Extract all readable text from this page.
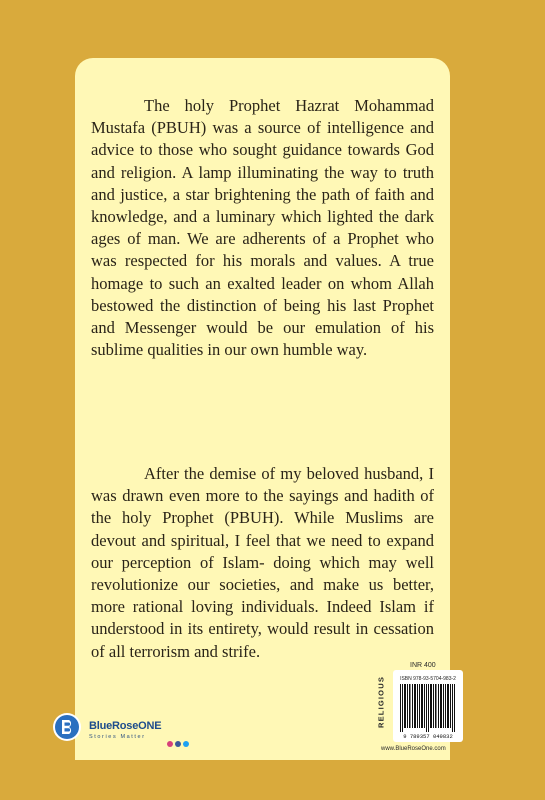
The holy Prophet Hazrat Mohammad Mustafa (PBUH) was a source of intelligence and advice to those who sought guidance towards God and religion. A lamp illuminating the way to truth and justice, a star brightening the path of faith and knowledge, and a luminary which lighted the dark ages of man. We are adherents of a Prophet who was respected for his morals and values. A true homage to such an exalted leader on whom Allah bestowed the distinction of being his last Prophet and Messenger would be our emulation of his sublime qualities in our own humble way.

After the demise of my beloved husband, I was drawn even more to the sayings and hadith of the holy Prophet (PBUH). While Muslims are devout and spiritual, I feel that we need to expand our perception of Islam- doing which may well revolutionize our societies, and make us better, more rational loving individuals. Indeed Islam if understood in its entirety, would result in cessation of all terrorism and strife.

INR 400
RELIGIOUS	ISBN 978-93-5704-983-2
9 789357 049832
www.BlueRoseOne.com
BlueRoseONE
Stories Matter
